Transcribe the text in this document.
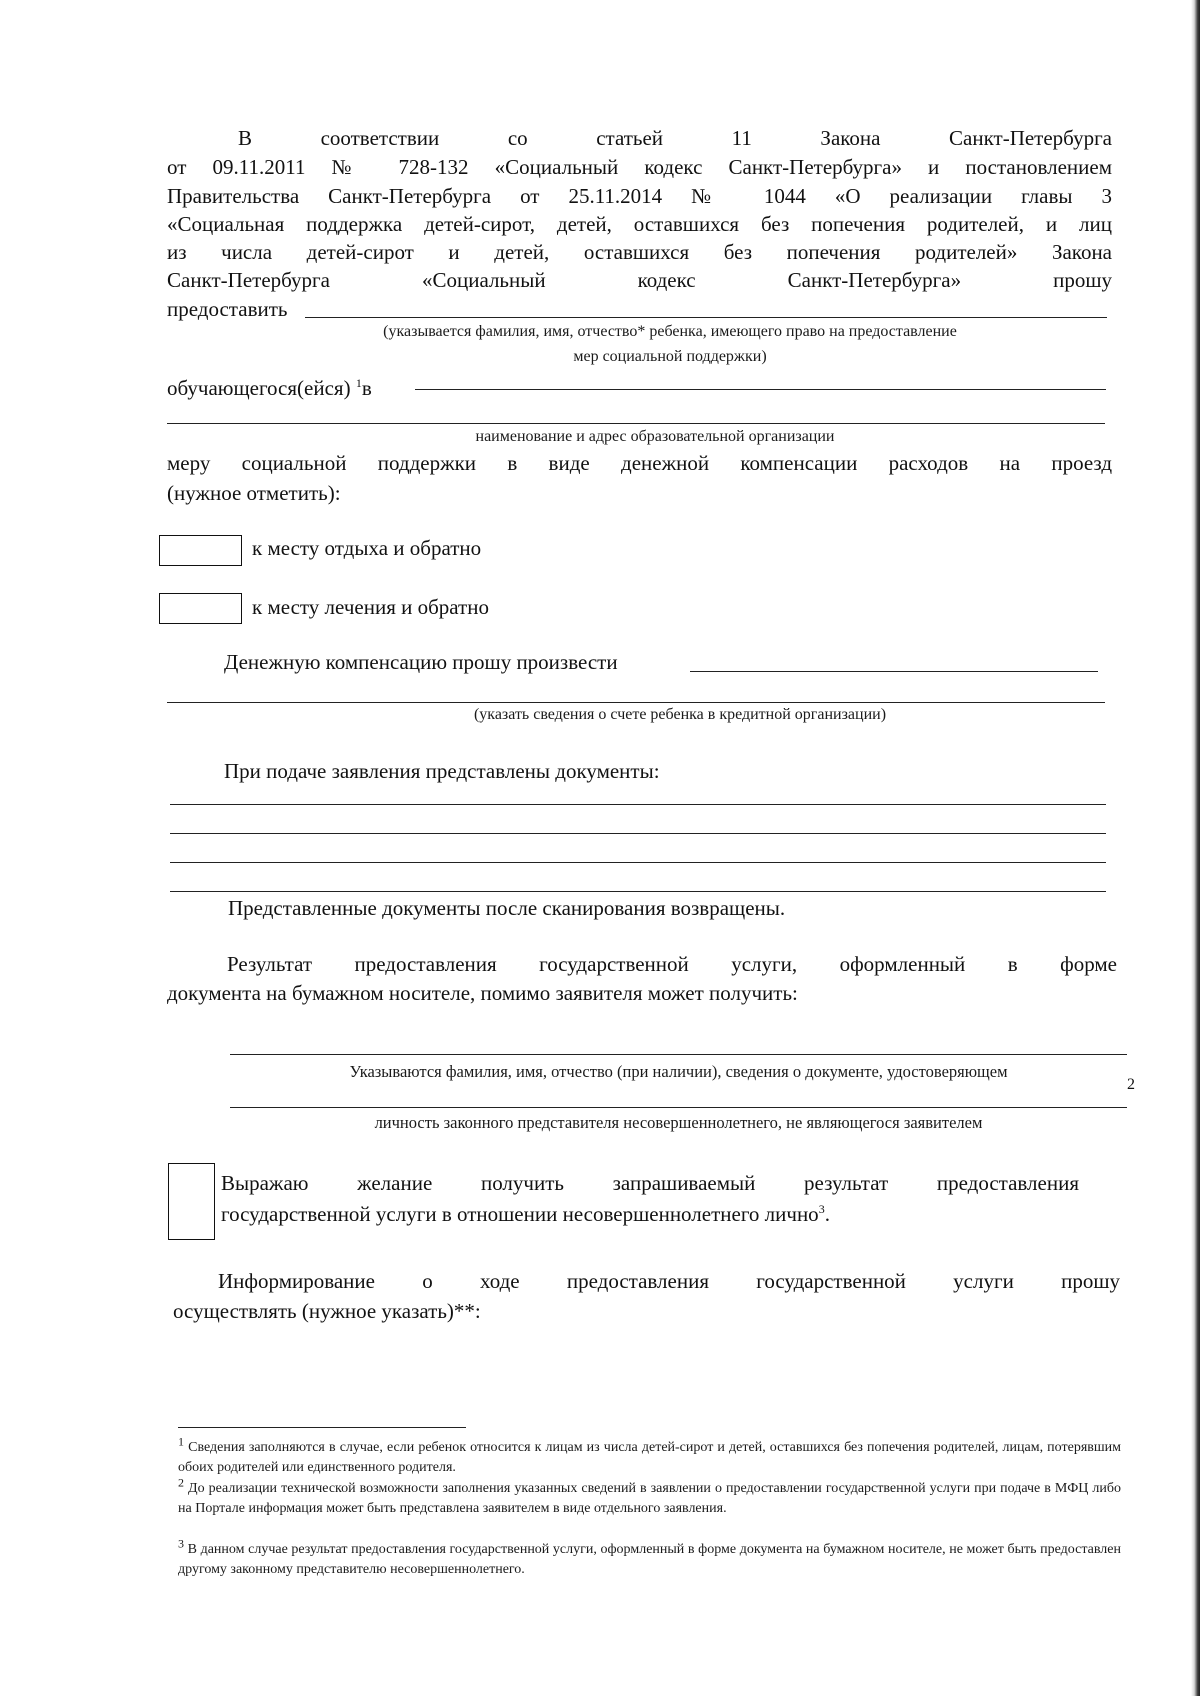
В	соответствии	со	статьей	11	Закона	Санкт-Петербурга

от 09.11.2011 № 728-132 «Социальный кодекс Санкт-Петербурга» и постановлением

Правительства Санкт-Петербурга от 25.11.2014 № 1044 «О реализации главы 3

«Социальная поддержка детей-сирот, детей, оставшихся без попечения родителей, и лиц

из числа детей-сирот и детей, оставшихся без попечения родителей» Закона

Санкт-Петербурга «Социальный кодекс Санкт-Петербурга» прошу

предоставить

(указывается фамилия, имя, отчество* ребенка, имеющего право на предоставление
мер социальной поддержки)
обучающегося(ейся) $^1$в
наименование и адрес образовательной организации

меру социальной поддержки в виде денежной компенсации расходов на проезд

(нужное отметить):

к месту отдыха и обратно
к месту лечения и обратно
Денежную компенсацию прошу произвести
(указать сведения о счете ребенка в кредитной организации)
При подаче заявления представлены документы:
Представленные документы после сканирования возвращены.

Результат предоставления государственной услуги, оформленный в форме

документа на бумажном носителе, помимо заявителя может получить:

Указываются фамилия, имя, отчество (при наличии), сведения о документе, удостоверяющем
2
личность законного представителя несовершеннолетнего, не являющегося заявителем

Выражаю желание получить запрашиваемый результат предоставления

государственной услуги в отношении несовершеннолетнего лично$^3$.

Информирование о ходе предоставления государственной услуги прошу

осуществлять (нужное указать)**:

1 Сведения заполняются в случае, если ребенок относится к лицам из числа детей-сирот и детей, оставшихся без попечения родителей, лицам, потерявшим обоих родителей или единственного родителя.

2 До реализации технической возможности заполнения указанных сведений в заявлении о предоставлении государственной услуги при подаче в МФЦ либо на Портале информация может быть представлена заявителем в виде отдельного заявления.

3 В данном случае результат предоставления государственной услуги, оформленный в форме документа на бумажном носителе, не может быть предоставлен другому законному представителю несовершеннолетнего.
